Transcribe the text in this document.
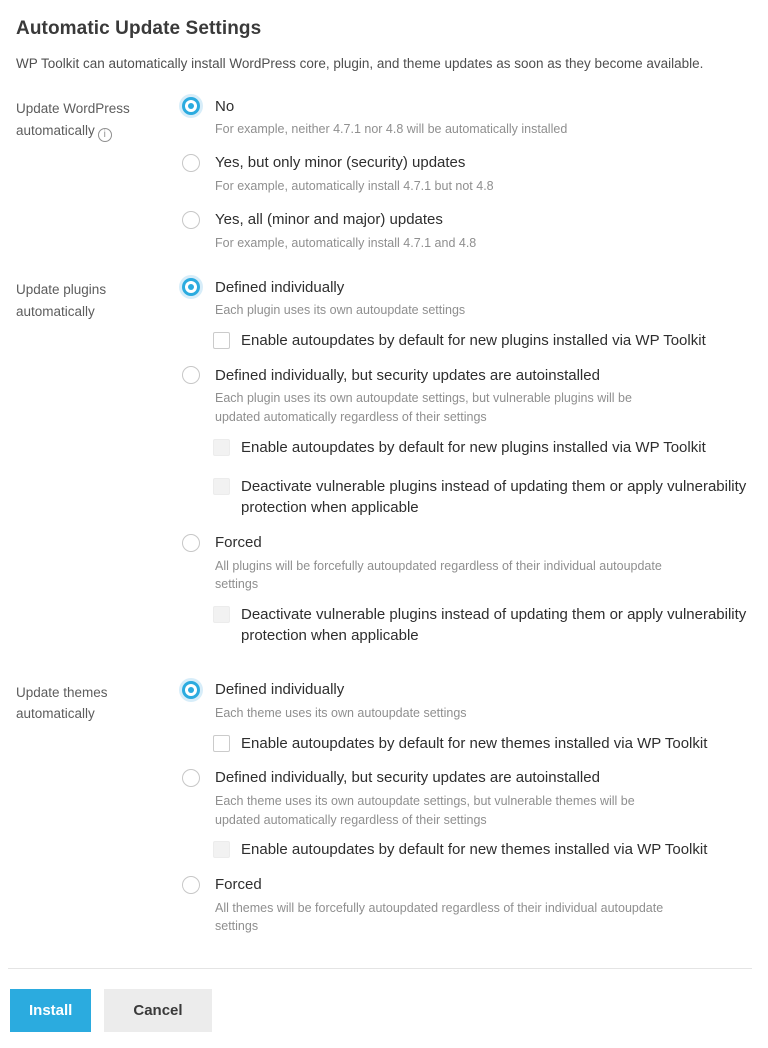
Automatic Update Settings

WP Toolkit can automatically install WordPress core, plugin, and theme updates as soon as they become available.

Update WordPress automatically i
No
For example, neither 4.7.1 nor 4.8 will be automatically installed
Yes, but only minor (security) updates
For example, automatically install 4.7.1 but not 4.8
Yes, all (minor and major) updates
For example, automatically install 4.7.1 and 4.8
Update plugins automatically
Defined individually
Each plugin uses its own autoupdate settings
Enable autoupdates by default for new plugins installed via WP Toolkit
Defined individually, but security updates are autoinstalled
Each plugin uses its own autoupdate settings, but vulnerable plugins will be updated automatically regardless of their settings
Enable autoupdates by default for new plugins installed via WP Toolkit
Deactivate vulnerable plugins instead of updating them or apply vulnerability protection when applicable
Forced
All plugins will be forcefully autoupdated regardless of their individual autoupdate settings
Deactivate vulnerable plugins instead of updating them or apply vulnerability protection when applicable
Update themes automatically
Defined individually
Each theme uses its own autoupdate settings
Enable autoupdates by default for new themes installed via WP Toolkit
Defined individually, but security updates are autoinstalled
Each theme uses its own autoupdate settings, but vulnerable themes will be updated automatically regardless of their settings
Enable autoupdates by default for new themes installed via WP Toolkit
Forced
All themes will be forcefully autoupdated regardless of their individual autoupdate settings
Install	Cancel
